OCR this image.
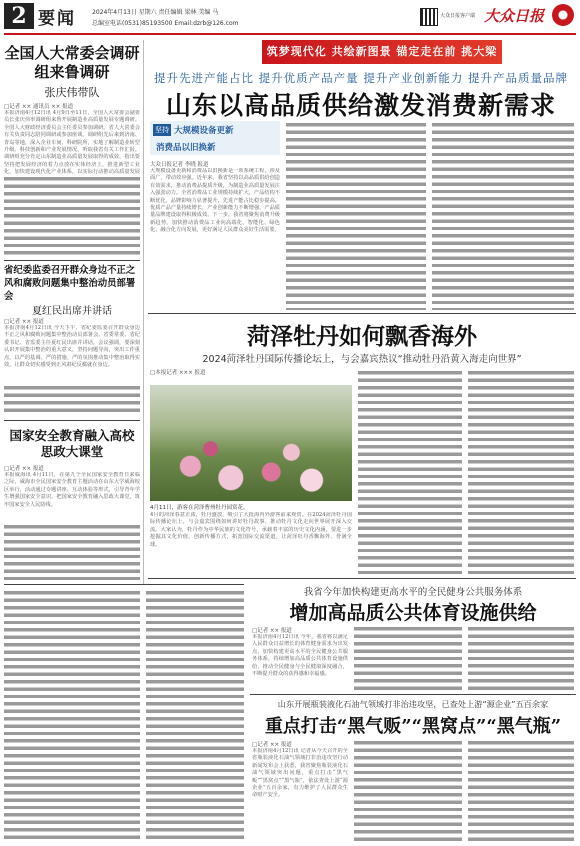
2 要闻	2024年4月13日 星期六 责任编辑 梁林 美编 马
总编室电话(0531)85193500 Email:dzrb@126.com
大众日报客户端 大众日报
全国人大常委会调研组来鲁调研
张庆伟带队
□记者 ×× 通讯员 ×× 报道
本报济南4月12日讯 4月9日至11日，全国人大常委会副委员长张庆伟率调研组来鲁开展制造业高质量发展专题调研。全国人大财政经济委员会主任委员参加调研。省人大常委会有关负责同志陪同调研或参加座谈。调研组先后来到济南、青岛等地，深入企业车间、科研院所，实地了解制造业转型升级、科技创新和产业发展情况，听取我省有关工作汇报。调研组充分肯定山东制造业高质量发展取得的成效，指出要坚持把发展经济的着力点放在实体经济上，推进新型工业化，加快建设现代化产业体系，以实际行动推动高质量发展
省纪委监委召开群众身边不正之风和腐败问题集中整治动员部署会
夏红民出席并讲话
□记者 ×× 报道
本报济南4月12日讯 今天下午，省纪委监委召开群众身边不正之风和腐败问题集中整治动员部署会。省委常委、省纪委书记、省监委主任夏红民出席并讲话。会议强调，要深刻认识开展集中整治的重大意义，坚持问题导向，突出工作重点，以严的基调、严的措施、严的氛围推动集中整治取得实效，让群众切实感受到正风肃纪反腐就在身边。
国家安全教育融入高校思政大课堂
□记者 ×× 报道
本报威海讯 4月11日，在第九个全民国家安全教育日来临之际，威海市全民国家安全教育主题活动在山东大学威海校区举行，活动通过专题讲座、互动体验等形式，引导青年学生增强国家安全意识，把国家安全教育融入思政大课堂，筑牢国家安全人民防线。
筑梦现代化 共绘新图景 锚定走在前 挑大梁
提升先进产能占比 提升优质产品产量 提升产业创新能力 提升产品质量品牌
山东以高品质供给激发消费新需求
坚持 大规模设备更新
消费品以旧换新
大众日报记者 李晓 报道
大规模设备更新和消费品以旧换新是一项系统工程，涉及面广、带动效应强。近年来，我省坚持以高品质供给创造有效需求，推动消费品提质升级，为制造业高质量发展注入强劲动力。全省消费品工业规模持续扩大，产品结构不断优化，品牌影响力显著提升，先进产能占比稳步提高，优质产品产量持续增长，产业创新能力不断增强，产品质量品牌建设取得积极成效。下一步，我省将聚焦消费升级新趋势，加快推动消费品工业向高端化、智能化、绿色化、融合化方向发展，更好满足人民群众美好生活需要。
菏泽牡丹如何飘香海外
2024菏泽牡丹国际传播论坛上，与会嘉宾热议“推动牡丹沿黄入海走向世界”
□本报记者 ××× 报道
4月11日，游客在菏泽曹州牡丹园赏花。
4月的菏泽春意正浓，牡丹盛放，吸引了大批海内外游客前来观赏。在2024菏泽牡丹国际传播论坛上，与会嘉宾围绕如何讲好牡丹故事、推动牡丹文化走向世界展开深入交流。大家认为，牡丹作为中华民族的文化符号，承载着丰富的历史文化内涵，要进一步挖掘其文化价值，创新传播方式，拓宽国际交流渠道，让菏泽牡丹香飘海外、誉满全球。
我省今年加快构建更高水平的全民健身公共服务体系
增加高品质公共体育设施供给
□记者 ×× 报道
本报济南4月12日讯 今年，我省将以满足人民群众日益增长的体育健身需求为出发点，加快构建更高水平的全民健身公共服务体系，持续增加高品质公共体育设施供给，推动全民健身与全民健康深度融合，不断提升群众的获得感和幸福感。
山东开展瓶装液化石油气领域打非治违攻坚，已查处上游“源企业”五百余家
重点打击“黑气贩”“黑窝点”“黑气瓶”
□记者 ×× 报道
本报济南4月12日讯 记者从今天召开的全省瓶装液化石油气领域打非治违攻坚行动新闻发布会上获悉，我省聚焦瓶装液化石油气领域突出问题，重点打击“黑气贩”“黑窝点”“黑气瓶”，依法查处上游“源企业”五百余家，有力维护了人民群众生命财产安全。
